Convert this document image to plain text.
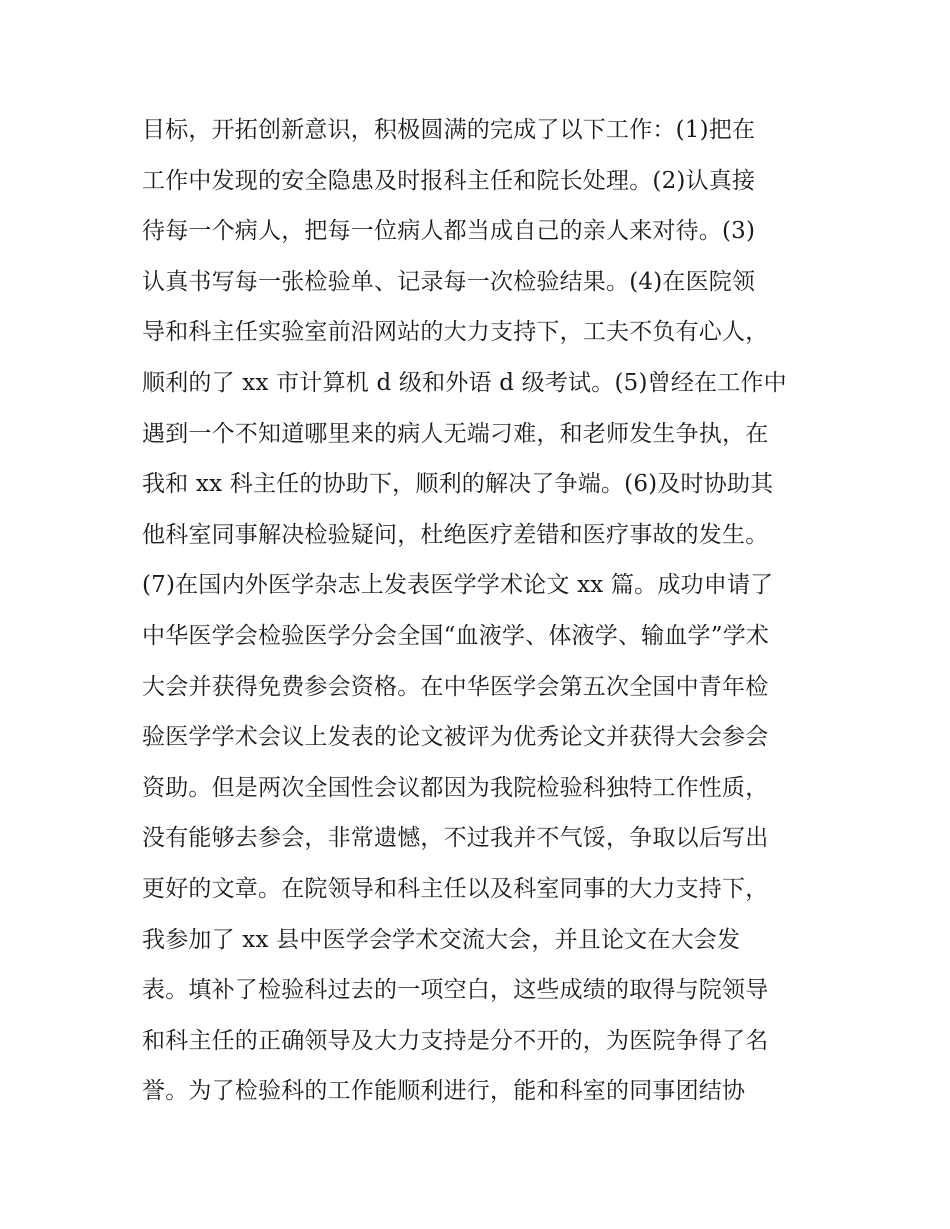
目标，开拓创新意识，积极圆满的完成了以下工作：(1)把在
工作中发现的安全隐患及时报科主任和院长处理。(2)认真接
待每一个病人，把每一位病人都当成自己的亲人来对待。(3)
认真书写每一张检验单、记录每一次检验结果。(4)在医院领
导和科主任实验室前沿网站的大力支持下，工夫不负有心人，
顺利的了 xx 市计算机 d 级和外语 d 级考试。(5)曾经在工作中
遇到一个不知道哪里来的病人无端刁难，和老师发生争执，在
我和 xx 科主任的协助下，顺利的解决了争端。(6)及时协助其
他科室同事解决检验疑问，杜绝医疗差错和医疗事故的发生。
(7)在国内外医学杂志上发表医学学术论文 xx 篇。成功申请了
中华医学会检验医学分会全国“血液学、体液学、输血学”学术
大会并获得免费参会资格。在中华医学会第五次全国中青年检
验医学学术会议上发表的论文被评为优秀论文并获得大会参会
资助。但是两次全国性会议都因为我院检验科独特工作性质，
没有能够去参会，非常遗憾，不过我并不气馁，争取以后写出
更好的文章。在院领导和科主任以及科室同事的大力支持下，
我参加了 xx 县中医学会学术交流大会，并且论文在大会发
表。填补了检验科过去的一项空白，这些成绩的取得与院领导
和科主任的正确领导及大力支持是分不开的，为医院争得了名
誉。为了检验科的工作能顺利进行，能和科室的同事团结协
